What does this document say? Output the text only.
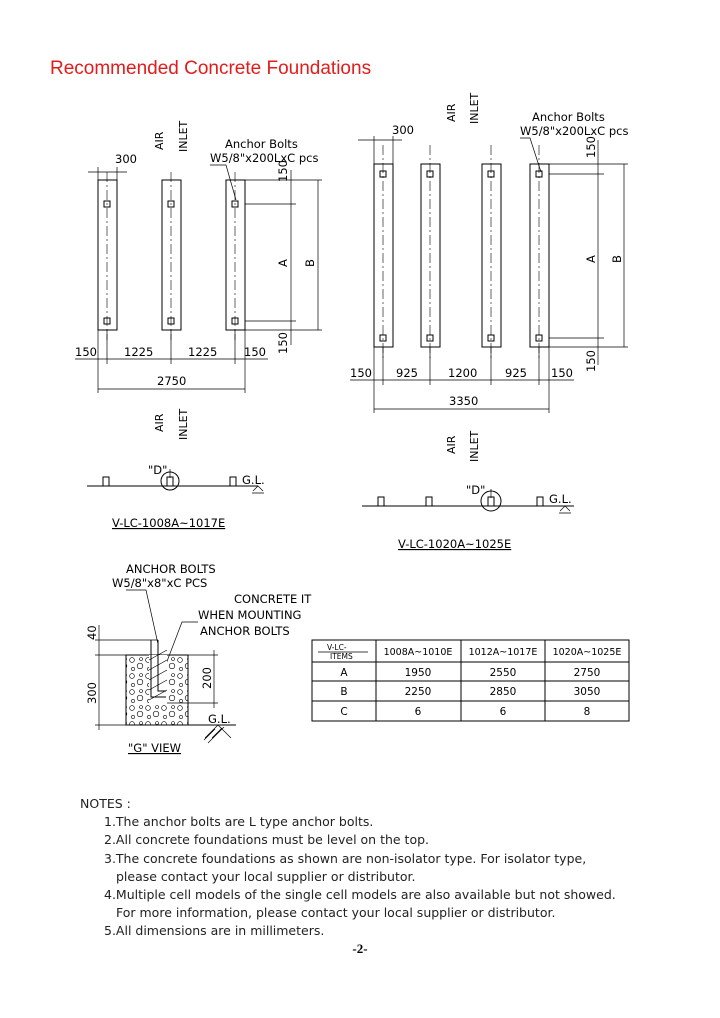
Recommended Concrete Foundations
AIR INLET	Anchor Bolts
W5/8"x200LxC pcs
300
150
150
A B
150 1225	1225 150
2750
AIR INLET
"D"
G.L.
V-LC-1008A~1017E
AIR INLET	Anchor Bolts
W5/8"x200LxC pcs
300
150
150
A B
150 925	1200 925 150
3350
AIR INLET
"D"
G.L.
V-LC-1020A~1025E
ANCHOR BOLTS
W5/8"x8"xC PCS
CONCRETE IT
WHEN MOUNTING
ANCHOR BOLTS
40
300
200
G.L.
"G" VIEW
V-LC-
ITEMS	1008A~1010E 1012A~1017E 1020A~1025E
A	1950	2550	2750
B	2250	2850	3050
C	6	6	8
NOTES :
1.The anchor bolts are L type anchor bolts.
2.All concrete foundations must be level on the top.
3.The concrete foundations as shown are non-isolator type. For isolator type,
please contact your local supplier or distributor.
4.Multiple cell models of the single cell models are also available but not showed.
For more information, please contact your local supplier or distributor.
5.All dimensions are in millimeters.
-2-
